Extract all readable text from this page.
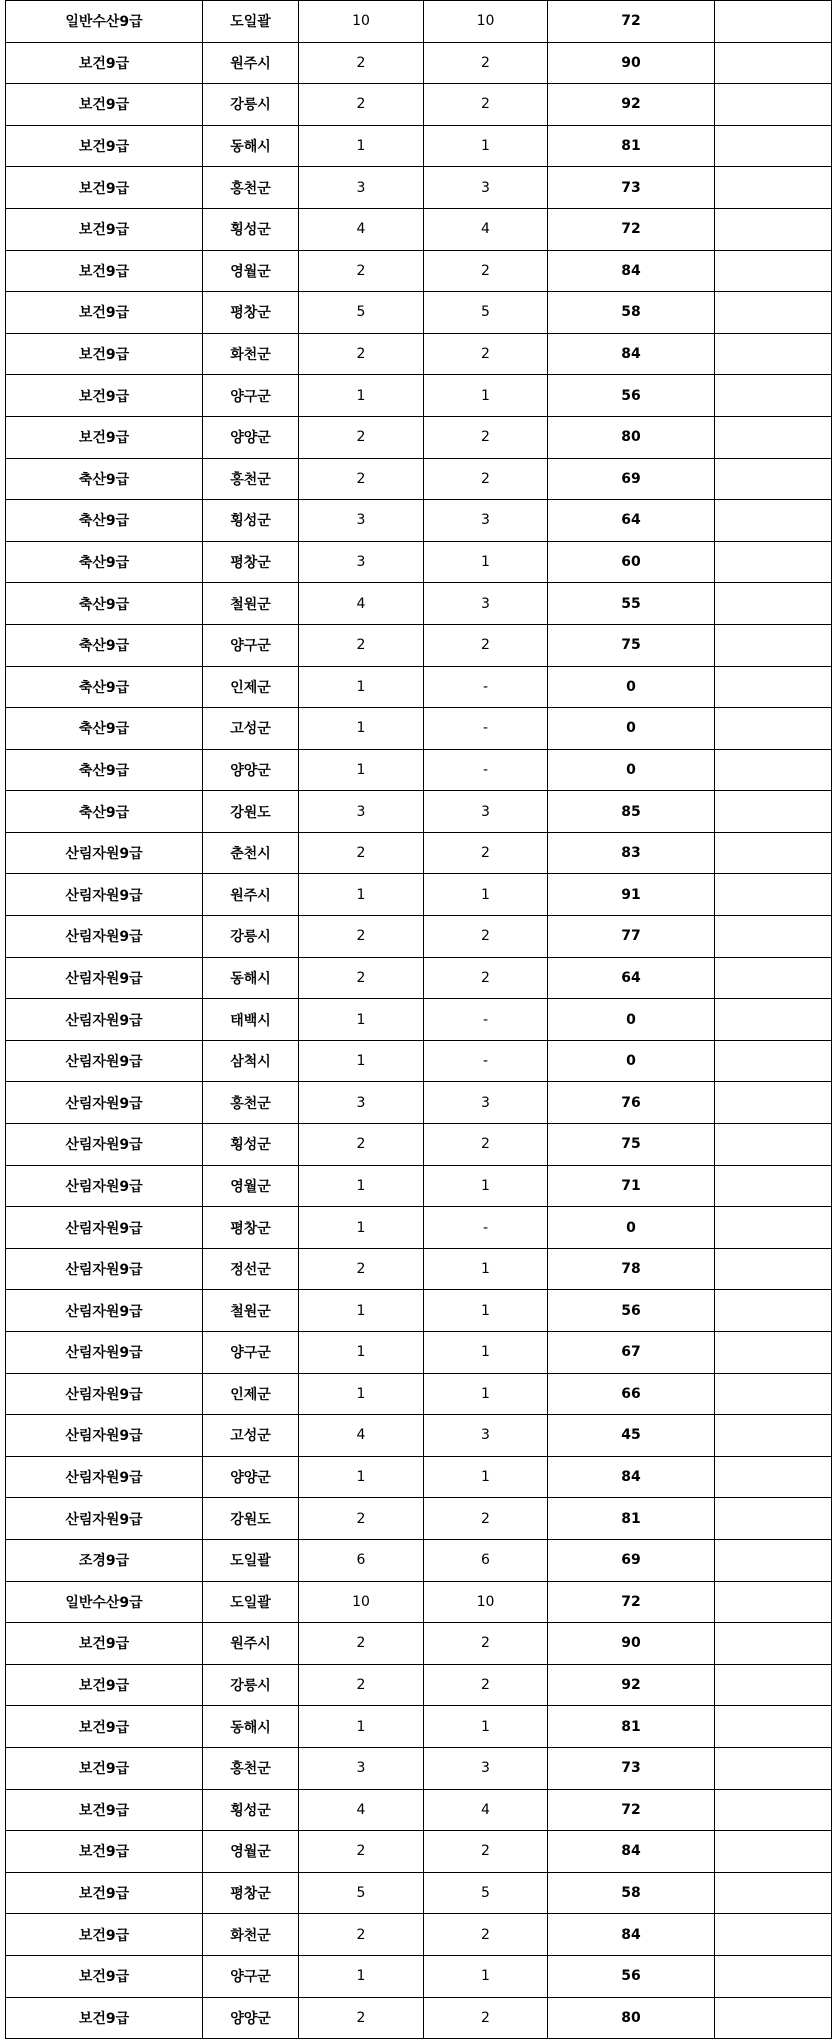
일반수산9급	도일괄	10	10	72	
보건9급	원주시	2	2	90	
보건9급	강릉시	2	2	92	
보건9급	동해시	1	1	81	
보건9급	홍천군	3	3	73	
보건9급	횡성군	4	4	72	
보건9급	영월군	2	2	84	
보건9급	평창군	5	5	58	
보건9급	화천군	2	2	84	
보건9급	양구군	1	1	56	
보건9급	양양군	2	2	80	
축산9급	홍천군	2	2	69	
축산9급	횡성군	3	3	64	
축산9급	평창군	3	1	60	
축산9급	철원군	4	3	55	
축산9급	양구군	2	2	75	
축산9급	인제군	1	-	0	
축산9급	고성군	1	-	0	
축산9급	양양군	1	-	0	
축산9급	강원도	3	3	85	
산림자원9급	춘천시	2	2	83	
산림자원9급	원주시	1	1	91	
산림자원9급	강릉시	2	2	77	
산림자원9급	동해시	2	2	64	
산림자원9급	태백시	1	-	0	
산림자원9급	삼척시	1	-	0	
산림자원9급	홍천군	3	3	76	
산림자원9급	횡성군	2	2	75	
산림자원9급	영월군	1	1	71	
산림자원9급	평창군	1	-	0	
산림자원9급	정선군	2	1	78	
산림자원9급	철원군	1	1	56	
산림자원9급	양구군	1	1	67	
산림자원9급	인제군	1	1	66	
산림자원9급	고성군	4	3	45	
산림자원9급	양양군	1	1	84	
산림자원9급	강원도	2	2	81	
조경9급	도일괄	6	6	69	
일반수산9급	도일괄	10	10	72	
보건9급	원주시	2	2	90	
보건9급	강릉시	2	2	92	
보건9급	동해시	1	1	81	
보건9급	홍천군	3	3	73	
보건9급	횡성군	4	4	72	
보건9급	영월군	2	2	84	
보건9급	평창군	5	5	58	
보건9급	화천군	2	2	84	
보건9급	양구군	1	1	56	
보건9급	양양군	2	2	80	
